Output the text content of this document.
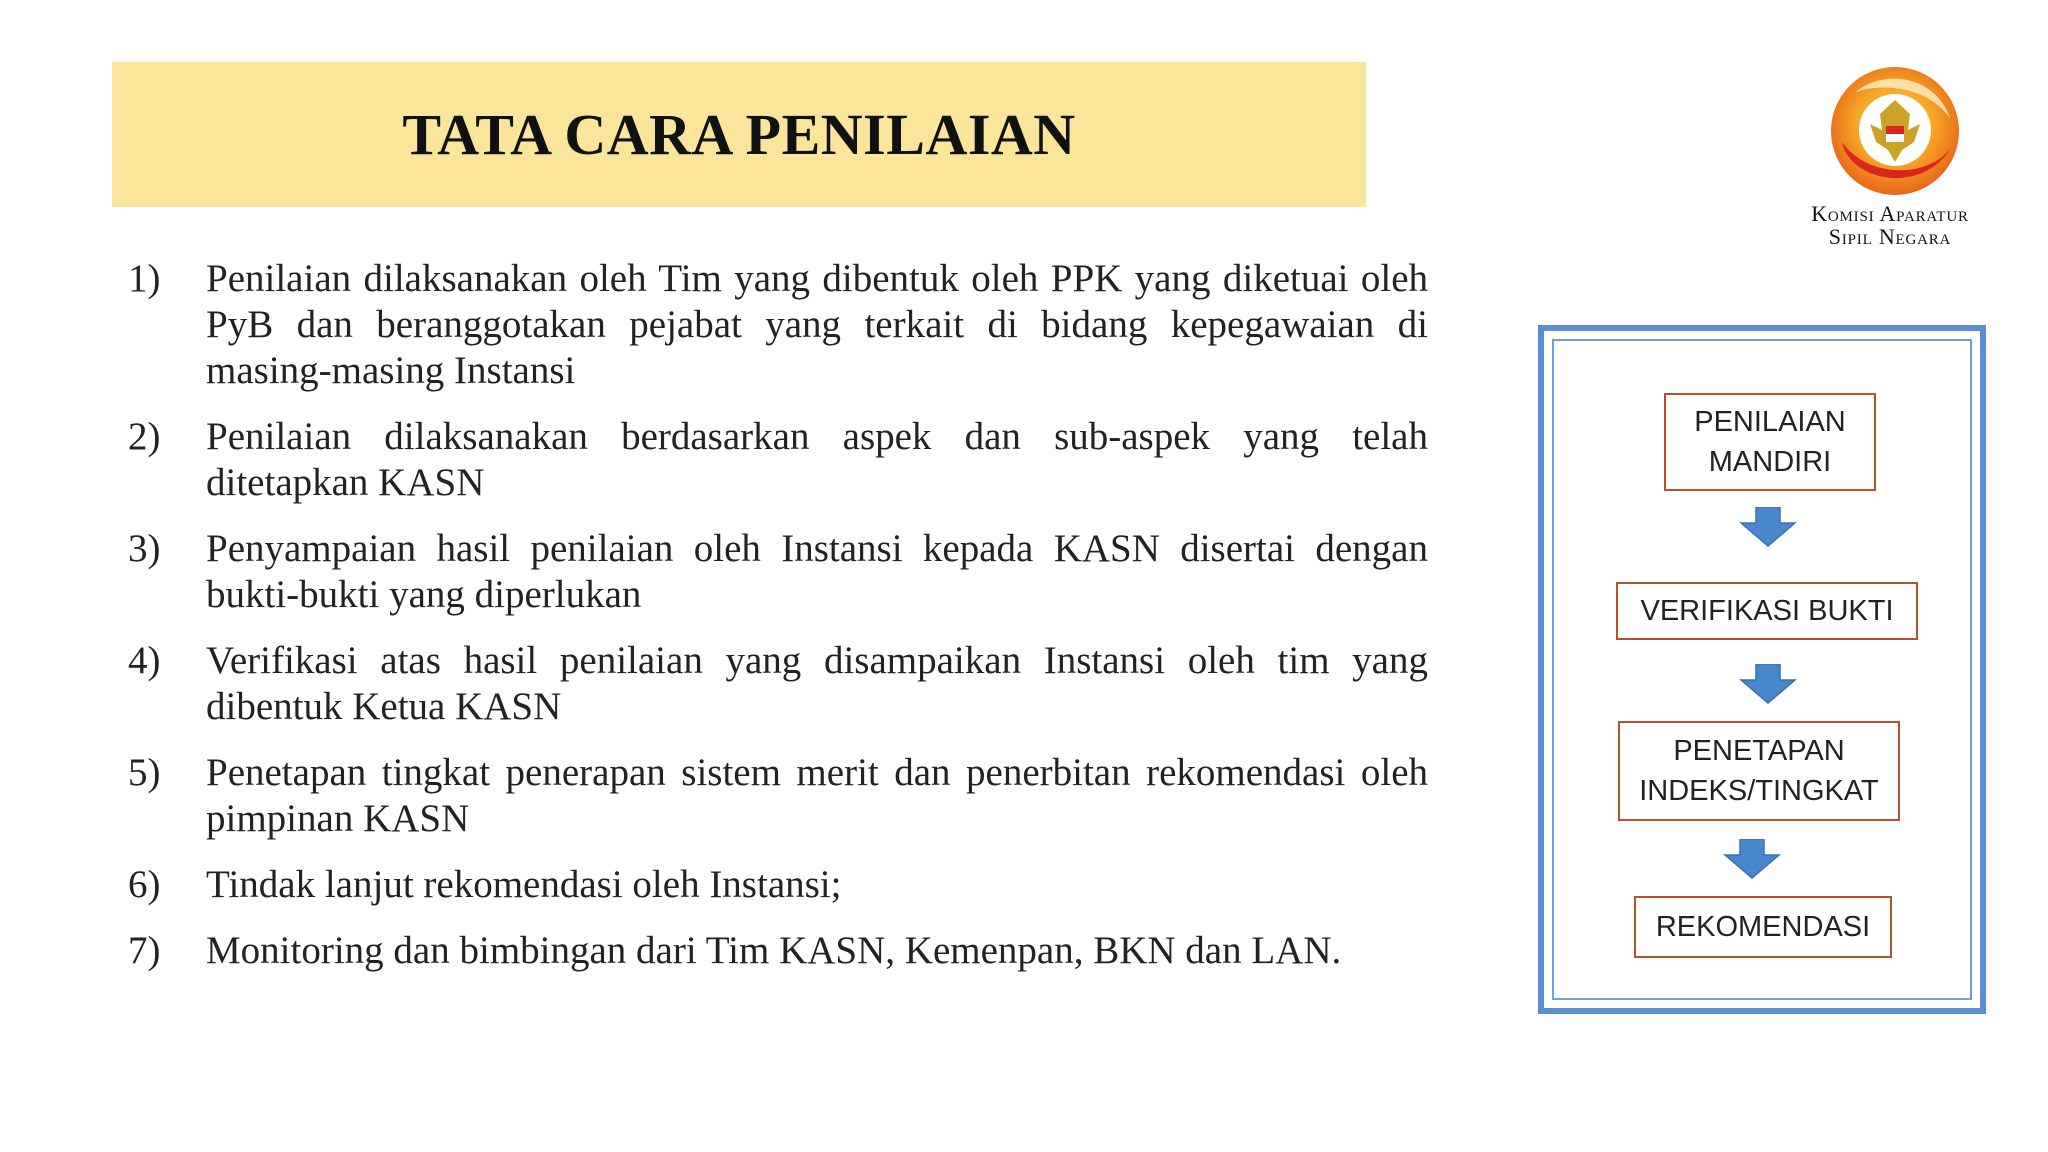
TATA CARA PENILAIAN
Komisi Aparatur
Sipil Negara
1)	Penilaian dilaksanakan oleh Tim yang dibentuk oleh PPK yang diketuai oleh PyB dan beranggotakan pejabat yang terkait di bidang kepegawaian di masing-masing Instansi
2)	Penilaian dilaksanakan berdasarkan aspek dan sub-aspek yang telah ditetapkan KASN
3)	Penyampaian hasil penilaian oleh Instansi kepada KASN disertai dengan bukti-bukti yang diperlukan
4)	Verifikasi atas hasil penilaian yang disampaikan Instansi oleh tim yang dibentuk Ketua KASN
5)	Penetapan tingkat penerapan sistem merit dan penerbitan rekomendasi oleh pimpinan KASN
6)	Tindak lanjut rekomendasi oleh Instansi;
7)	Monitoring dan bimbingan dari Tim KASN, Kemenpan, BKN dan LAN.
PENILAIAN
MANDIRI
VERIFIKASI BUKTI
PENETAPAN
INDEKS/TINGKAT
REKOMENDASI
